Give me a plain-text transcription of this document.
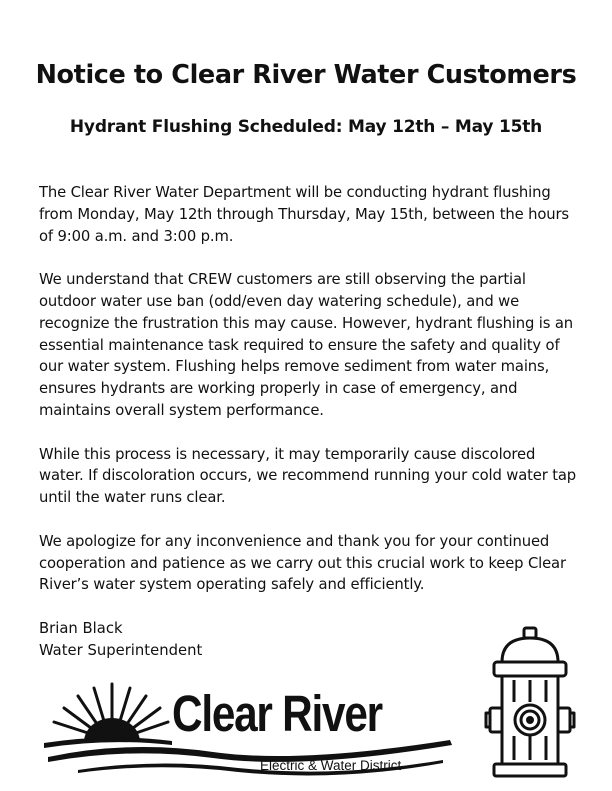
Notice to Clear River Water Customers
Hydrant Flushing Scheduled: May 12th – May 15th

The Clear River Water Department will be conducting hydrant flushing from Monday, May 12th through Thursday, May 15th, between the hours of 9:00 a.m. and 3:00 p.m.

We understand that CREW customers are still observing the partial outdoor water use ban (odd/even day watering schedule), and we recognize the frustration this may cause. However, hydrant flushing is an essential maintenance task required to ensure the safety and quality of our water system. Flushing helps remove sediment from water mains, ensures hydrants are working properly in case of emergency, and maintains overall system performance.

While this process is necessary, it may temporarily cause discolored water. If discoloration occurs, we recommend running your cold water tap until the water runs clear.

We apologize for any inconvenience and thank you for your continued cooperation and patience as we carry out this crucial work to keep Clear River’s water system operating safely and efficiently.

Brian Black
Water Superintendent
Clear River
Electric & Water District
